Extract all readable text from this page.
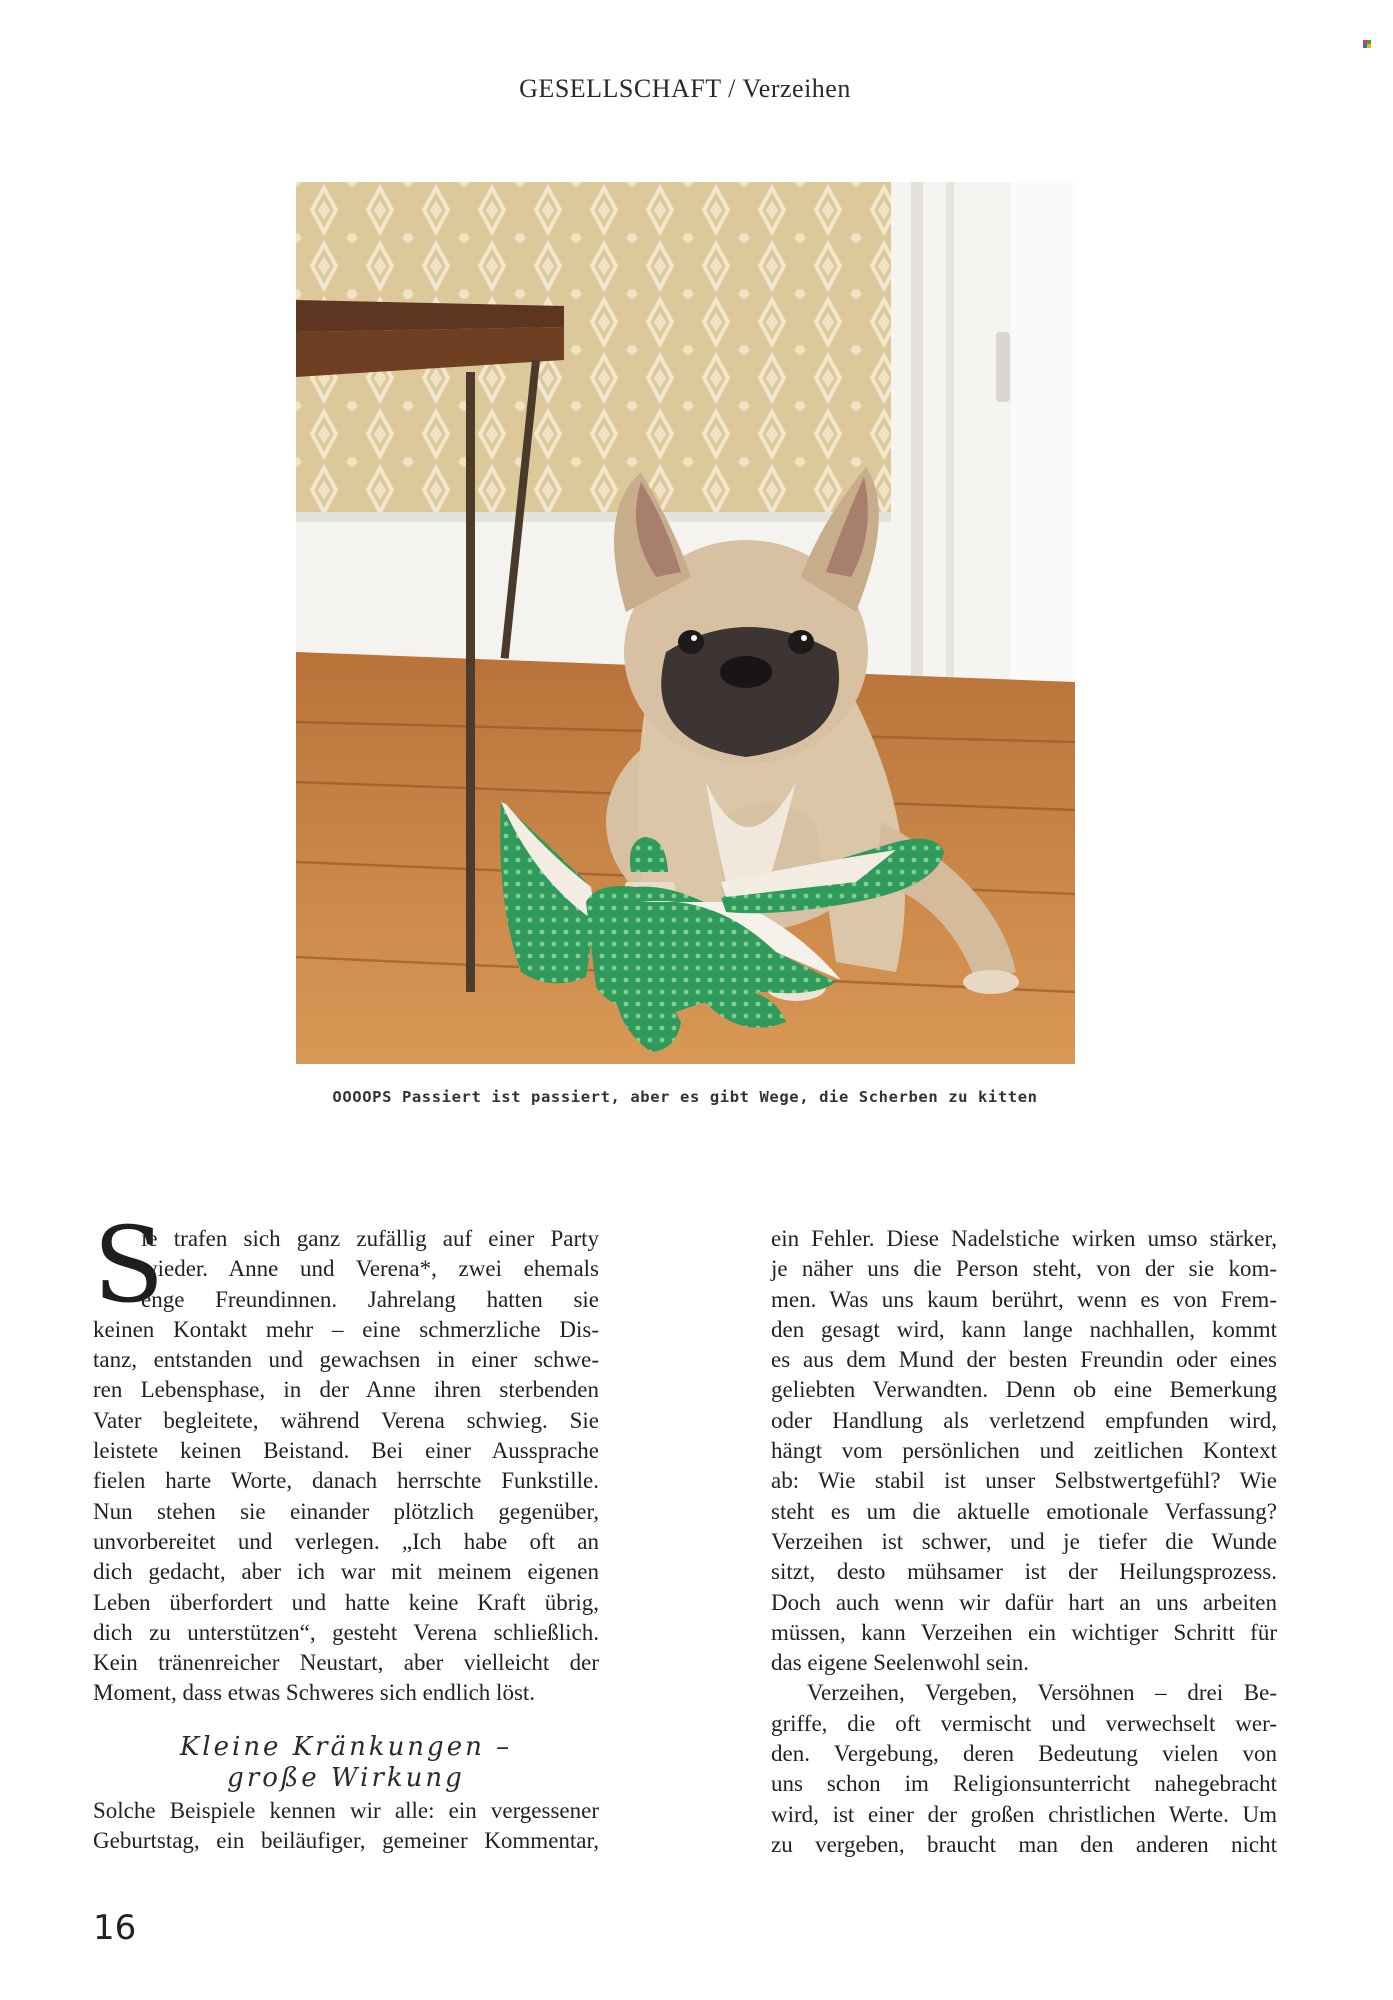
GESELLSCHAFT / Verzeihen
OOOOPS Passiert ist passiert, aber es gibt Wege, die Scherben zu kitten
S
ie trafen sich ganz zufällig auf einer Party
wieder. Anne und Verena*, zwei ehemals
enge Freundinnen. Jahrelang hatten sie
keinen Kontakt mehr – eine schmerzliche Dis-
tanz, entstanden und gewachsen in einer schwe-
ren Lebensphase, in der Anne ihren sterbenden
Vater begleitete, während Verena schwieg. Sie
leistete keinen Beistand. Bei einer Aussprache
fielen harte Worte, danach herrschte Funkstille.
Nun stehen sie einander plötzlich gegenüber,
unvorbereitet und verlegen. „Ich habe oft an
dich gedacht, aber ich war mit meinem eigenen
Leben überfordert und hatte keine Kraft übrig,
dich zu unterstützen“, gesteht Verena schließlich.
Kein tränenreicher Neustart, aber vielleicht der
Moment, dass etwas Schweres sich endlich löst.
Kleine Kränkungen –
große Wirkung
Solche Beispiele kennen wir alle: ein vergessener
Geburtstag, ein beiläufiger, gemeiner Kommentar,
ein Fehler. Diese Nadelstiche wirken umso stärker,
je näher uns die Person steht, von der sie kom-
men. Was uns kaum berührt, wenn es von Frem-
den gesagt wird, kann lange nachhallen, kommt
es aus dem Mund der besten Freundin oder eines
geliebten Verwandten. Denn ob eine Bemerkung
oder Handlung als verletzend empfunden wird,
hängt vom persönlichen und zeitlichen Kontext
ab: Wie stabil ist unser Selbstwertgefühl? Wie
steht es um die aktuelle emotionale Verfassung?
Verzeihen ist schwer, und je tiefer die Wunde
sitzt, desto mühsamer ist der Heilungsprozess.
Doch auch wenn wir dafür hart an uns arbeiten
müssen, kann Verzeihen ein wichtiger Schritt für
das eigene Seelenwohl sein.
Verzeihen, Vergeben, Versöhnen – drei Be-
griffe, die oft vermischt und verwechselt wer-
den. Vergebung, deren Bedeutung vielen von
uns schon im Religionsunterricht nahegebracht
wird, ist einer der großen christlichen Werte. Um
zu vergeben, braucht man den anderen nicht
16
